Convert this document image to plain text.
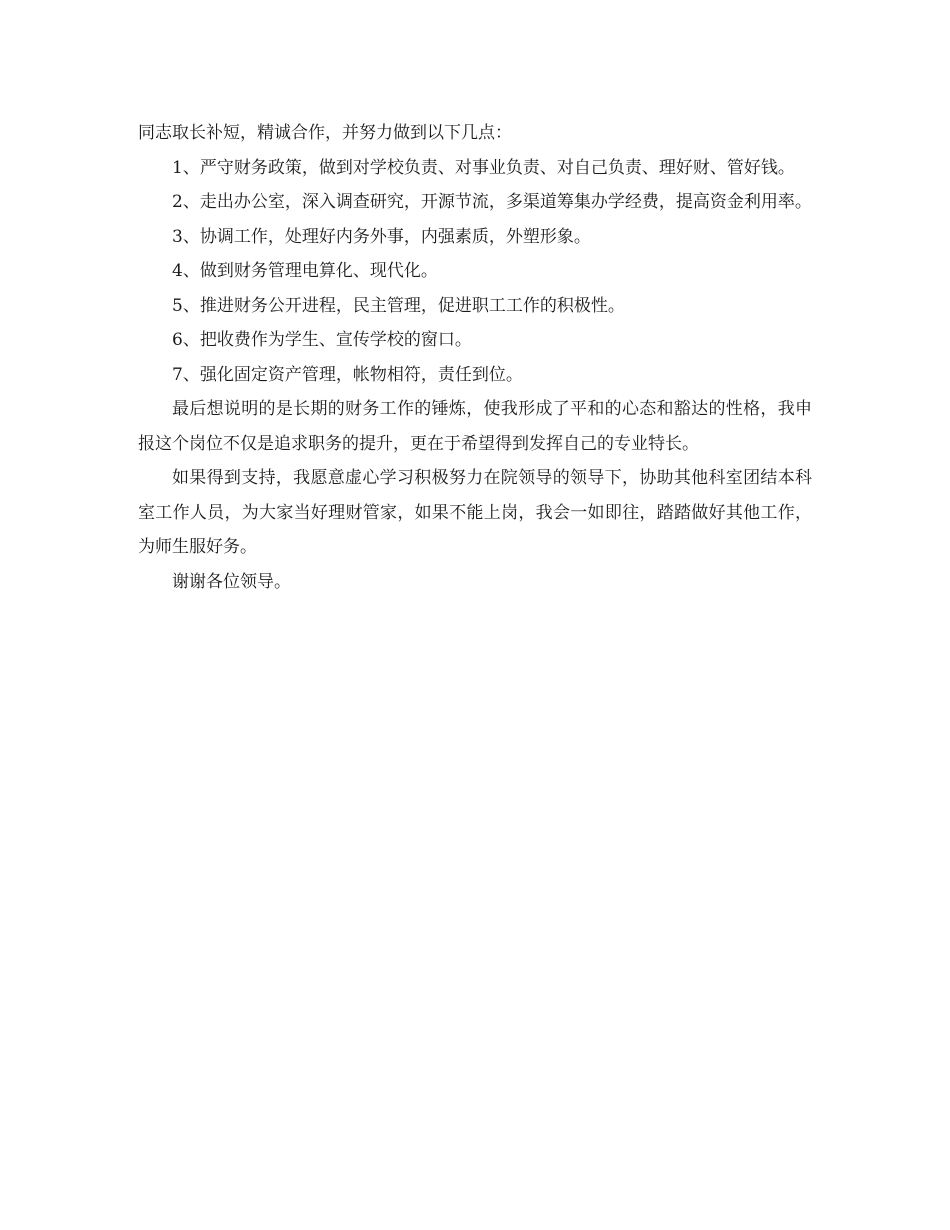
同志取长补短，精诚合作，并努力做到以下几点：

1、严守财务政策，做到对学校负责、对事业负责、对自己负责、理好财、管好钱。

2、走出办公室，深入调查研究，开源节流，多渠道筹集办学经费，提高资金利用率。

3、协调工作，处理好内务外事，内强素质，外塑形象。

4、做到财务管理电算化、现代化。

5、推进财务公开进程，民主管理，促进职工工作的积极性。

6、把收费作为学生、宣传学校的窗口。

7、强化固定资产管理，帐物相符，责任到位。

最后想说明的是长期的财务工作的锤炼，使我形成了平和的心态和豁达的性格，我申报这个岗位不仅是追求职务的提升，更在于希望得到发挥自己的专业特长。

如果得到支持，我愿意虚心学习积极努力在院领导的领导下，协助其他科室团结本科室工作人员，为大家当好理财管家，如果不能上岗，我会一如即往，踏踏做好其他工作，为师生服好务。

谢谢各位领导。
